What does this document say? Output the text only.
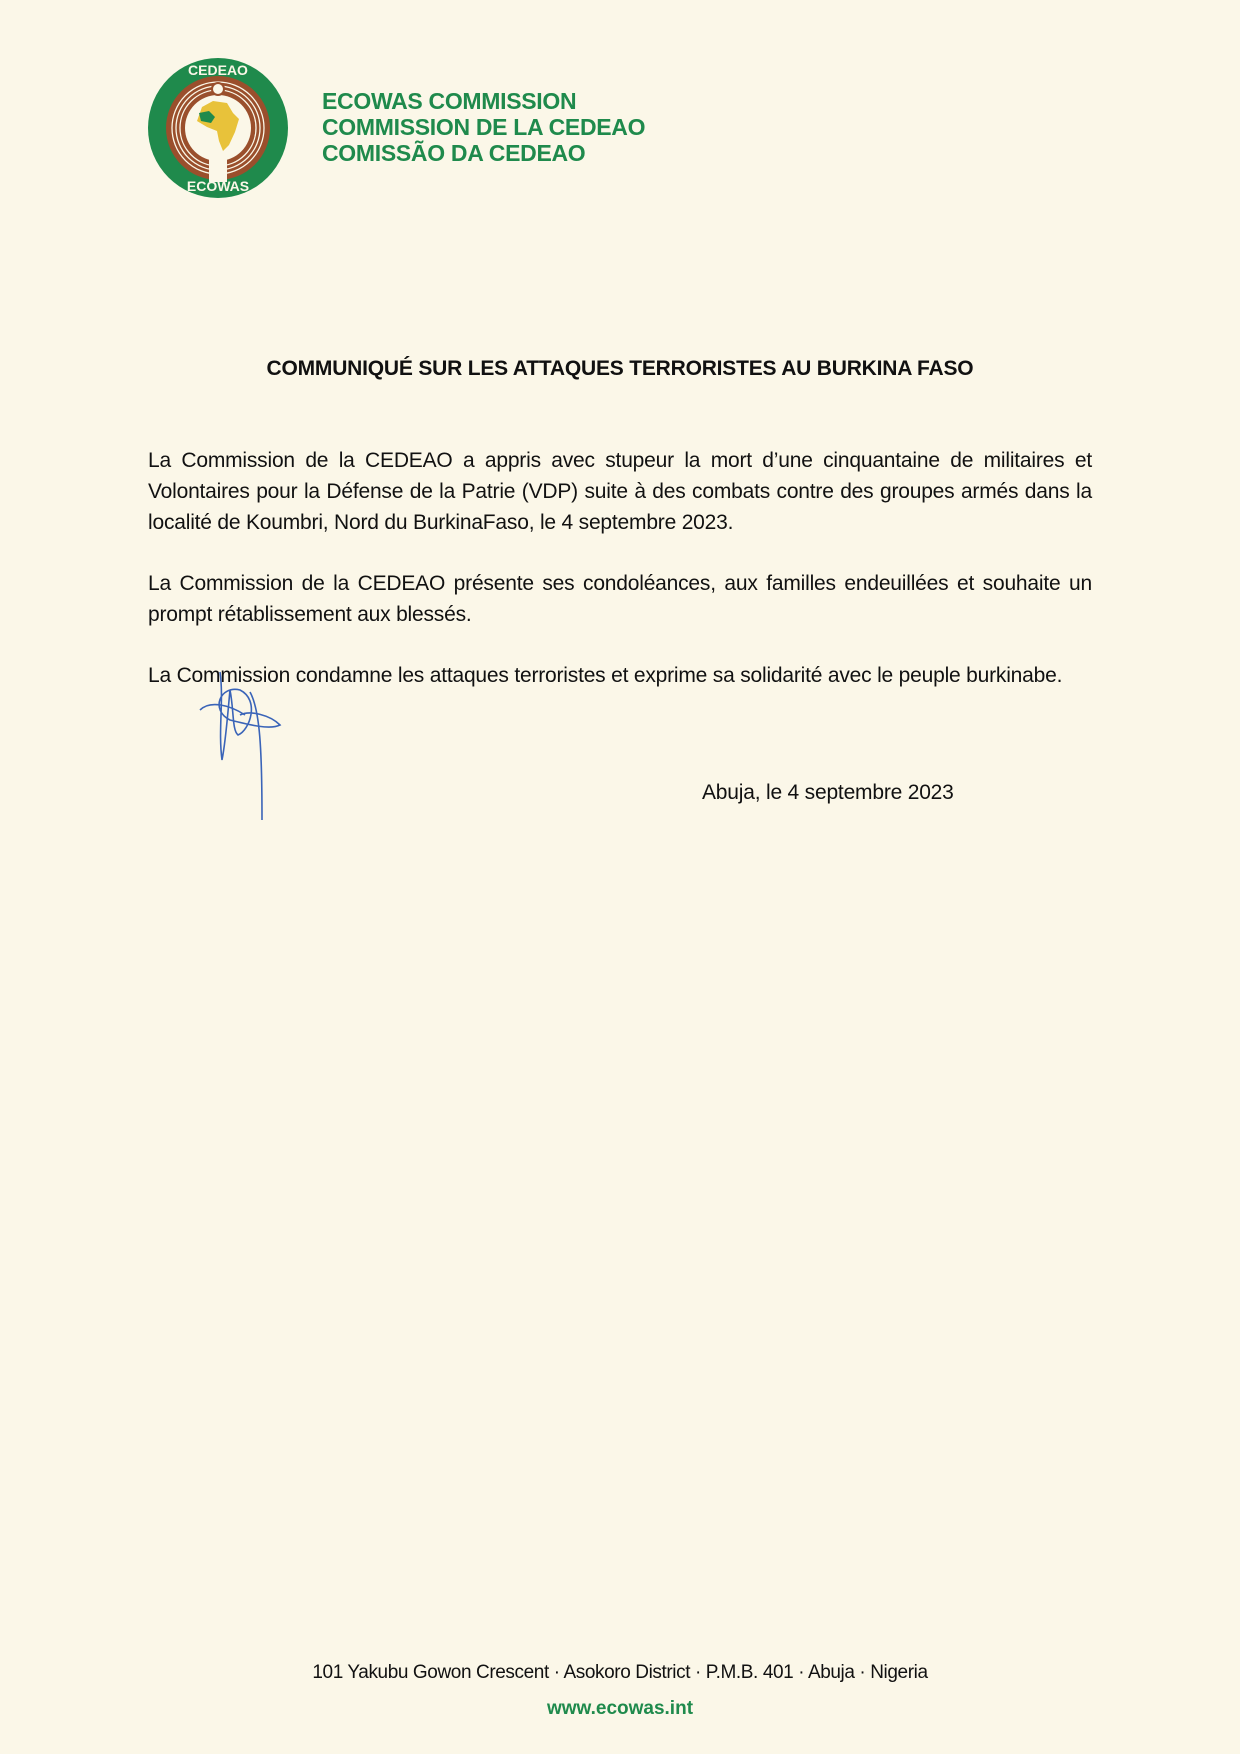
CEDEAO
ECOWAS
ECOWAS COMMISSION
COMMISSION DE LA CEDEAO
COMISSÃO DA CEDEAO
COMMUNIQUÉ SUR LES ATTAQUES TERRORISTES AU BURKINA FASO
La Commission de la CEDEAO a appris avec stupeur la mort d’une cinquantaine de militaires et Volontaires pour la Défense de la Patrie (VDP) suite à des combats contre des groupes armés dans la localité de Koumbri, Nord du BurkinaFaso, le 4 septembre 2023.
La Commission de la CEDEAO présente ses condoléances, aux familles endeuillées et souhaite un prompt rétablissement aux blessés.
La Commission condamne les attaques terroristes et exprime sa solidarité avec le peuple burkinabe.
Abuja, le 4 septembre 2023
101 Yakubu Gowon Crescent · Asokoro District · P.M.B. 401 · Abuja · Nigeria
www.ecowas.int
